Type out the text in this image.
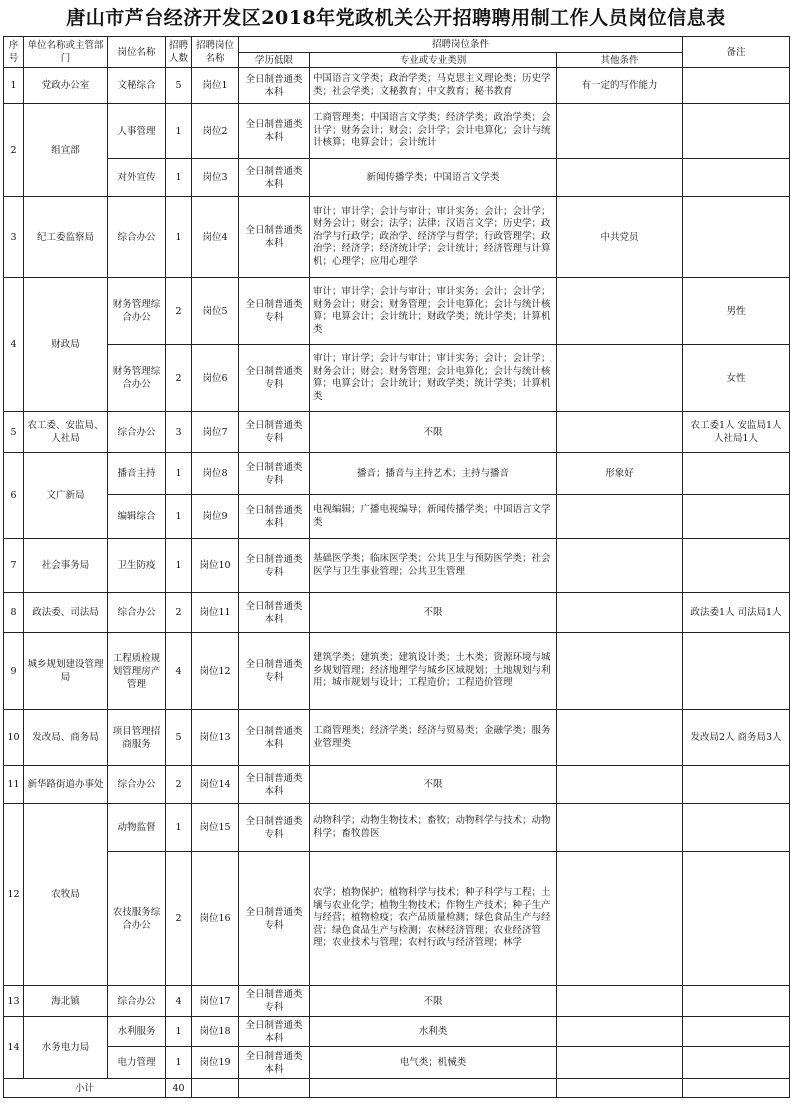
唐山市芦台经济开发区2018年党政机关公开招聘聘用制工作人员岗位信息表
序号	单位名称或主管部门	岗位名称	招聘人数	招聘岗位名称	招聘岗位条件			备注
					学历低限	专业或专业类别	其他条件	
1	党政办公室	文秘综合	5	岗位1	全日制普通类本科	中国语言文学类；政治学类；马克思主义理论类；历史学类；社会学类；文秘教育；中文教育；秘书教育	有一定的写作能力	
2	组宣部	人事管理	1	岗位2	全日制普通类本科	工商管理类；中国语言文学类；经济学类；政治学类；会计学；财务会计；财会；会计学；会计电算化；会计与统计核算；电算会计；会计统计		
		对外宣传	1	岗位3	全日制普通类本科	新闻传播学类；中国语言文学类		
3	纪工委监察局	综合办公	1	岗位4	全日制普通类本科	审计；审计学；会计与审计；审计实务；会计；会计学；财务会计；财会；法学；法律；汉语言文学；历史学；政治学与行政学；政治学、经济学与哲学；行政管理学；政治学；经济学；经济统计学；会计统计；经济管理与计算机；心理学；应用心理学	中共党员	
4	财政局	财务管理综合办公	2	岗位5	全日制普通类专科	审计；审计学；会计与审计；审计实务；会计；会计学；财务会计；财会；财务管理；会计电算化；会计与统计核算；电算会计；会计统计；财政学类；统计学类；计算机类		男性
		财务管理综合办公	2	岗位6	全日制普通类专科	审计；审计学；会计与审计；审计实务；会计；会计学；财务会计；财会；财务管理；会计电算化；会计与统计核算；电算会计；会计统计；财政学类；统计学类；计算机类		女性
5	农工委、安监局、人社局	综合办公	3	岗位7	全日制普通类专科	不限		农工委1人 安监局1人 人社局1人
6	文广新局	播音主持	1	岗位8	全日制普通类专科	播音；播音与主持艺术；主持与播音	形象好	
		编辑综合	1	岗位9	全日制普通类本科	电视编辑；广播电视编导；新闻传播学类；中国语言文学类		
7	社会事务局	卫生防疫	1	岗位10	全日制普通类专科	基础医学类；临床医学类；公共卫生与预防医学类；社会医学与卫生事业管理；公共卫生管理		
8	政法委、司法局	综合办公	2	岗位11	全日制普通类本科	不限		政法委1人 司法局1人
9	城乡规划建设管理局	工程质检规划管理房产管理	4	岗位12	全日制普通类专科	建筑学类；建筑类；建筑设计类；土木类；资源环境与城乡规划管理；经济地理学与城乡区域规划；土地规划与利用；城市规划与设计；工程造价；工程造价管理		
10	发改局、商务局	项目管理招商服务	5	岗位13	全日制普通类本科	工商管理类；经济学类；经济与贸易类；金融学类；服务业管理类		发改局2人 商务局3人
11	新华路街道办事处	综合办公	2	岗位14	全日制普通类本科	不限		
12	农牧局	动物监督	1	岗位15	全日制普通类专科	动物科学；动物生物技术；畜牧；动物科学与技术；动物科学；畜牧兽医		
		农技服务综合办公	2	岗位16	全日制普通类专科	农学；植物保护；植物科学与技术；种子科学与工程；土壤与农业化学；植物生物技术；作物生产技术；种子生产与经营；植物检疫；农产品质量检测；绿色食品生产与经营；绿色食品生产与检测；农林经济管理；农业经济管理；农业技术与管理；农村行政与经济管理；林学		
13	海北镇	综合办公	4	岗位17	全日制普通类专科	不限		
14	水务电力局	水利服务	1	岗位18	全日制普通类本科	水利类		
		电力管理	1	岗位19	全日制普通类本科	电气类；机械类		
小计			40					
